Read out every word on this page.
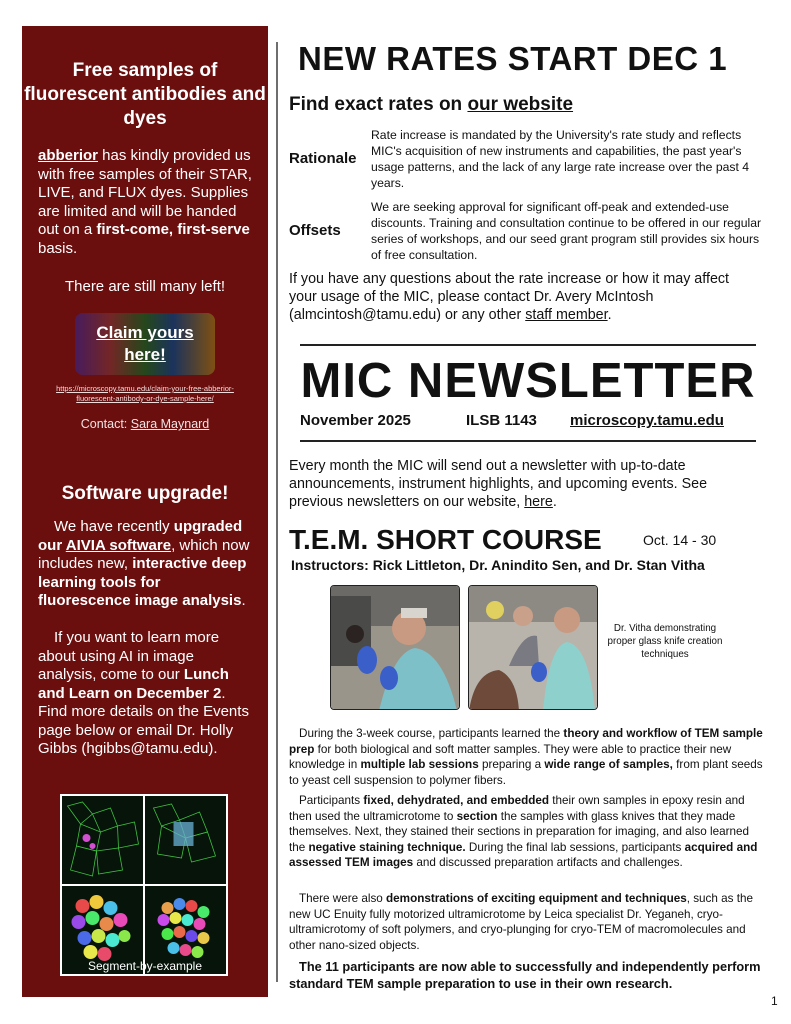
Free samples of fluorescent antibodies and dyes
abberior has kindly provided us with free samples of their STAR, LIVE, and FLUX dyes. Supplies are limited and will be handed out on a first-come, first-serve basis.
There are still many left!
Claim yours here!
https://microscopy.tamu.edu/claim-your-free-abberior-fluorescent-antibody-or-dye-sample-here/
Contact: Sara Maynard
Software upgrade!
We have recently upgraded our AIVIA software, which now includes new, interactive deep learning tools for fluorescence image analysis.
If you want to learn more about using AI in image analysis, come to our Lunch and Learn on December 2. Find more details on the Events page below or email Dr. Holly Gibbs (hgibbs@tamu.edu).
Segment-by-example
NEW RATES START DEC 1
Find exact rates on our website
Rationale
Rate increase is mandated by the University's rate study and reflects MIC's acquisition of new instruments and capabilities, the past year's usage patterns, and the lack of any large rate increase over the past 4 years.
Offsets
We are seeking approval for significant off-peak and extended-use discounts. Training and consultation continue to be offered in our regular series of workshops, and our seed grant program still provides six hours of free consultation.
If you have any questions about the rate increase or how it may affect your usage of the MIC, please contact Dr. Avery McIntosh (almcintosh@tamu.edu) or any other staff member.
MIC NEWSLETTER
November 2025	ILSB 1143 microscopy.tamu.edu
Every month the MIC will send out a newsletter with up-to-date announcements, instrument highlights, and upcoming events. See previous newsletters on our website, here.
T.E.M. SHORT COURSE	Oct. 14 - 30
Instructors: Rick Littleton, Dr. Anindito Sen, and Dr. Stan Vitha
Dr. Vitha demonstrating proper glass knife creation techniques
During the 3-week course, participants learned the theory and workflow of TEM sample prep for both biological and soft matter samples. They were able to practice their new knowledge in multiple lab sessions preparing a wide range of samples, from plant seeds to yeast cell suspension to polymer fibers.
Participants fixed, dehydrated, and embedded their own samples in epoxy resin and then used the ultramicrotome to section the samples with glass knives that they made themselves. Next, they stained their sections in preparation for imaging, and also learned the negative staining technique. During the final lab sessions, participants acquired and assessed TEM images and discussed preparation artifacts and challenges.
There were also demonstrations of exciting equipment and techniques, such as the new UC Enuity fully motorized ultramicrotome by Leica specialist Dr. Yeganeh, cryo-ultramicrotomy of soft polymers, and cryo-plunging for cryo-TEM of macromolecules and other nano-sized objects.
The 11 participants are now able to successfully and independently perform standard TEM sample preparation to use in their own research.
1
